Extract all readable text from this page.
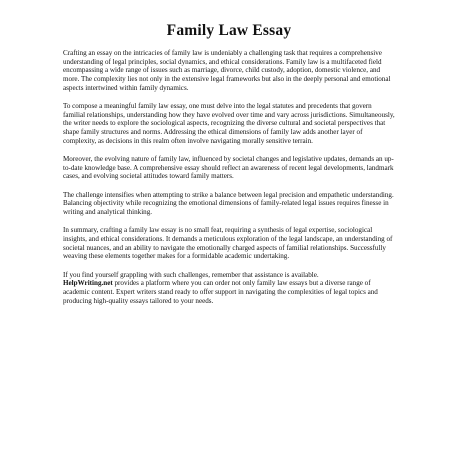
Family Law Essay

Crafting an essay on the intricacies of family law is undeniably a challenging task that requires a comprehensive understanding of legal principles, social dynamics, and ethical considerations. Family law is a multifaceted field encompassing a wide range of issues such as marriage, divorce, child custody, adoption, domestic violence, and more. The complexity lies not only in the extensive legal frameworks but also in the deeply personal and emotional aspects intertwined within family dynamics.

To compose a meaningful family law essay, one must delve into the legal statutes and precedents that govern familial relationships, understanding how they have evolved over time and vary across jurisdictions. Simultaneously, the writer needs to explore the sociological aspects, recognizing the diverse cultural and societal perspectives that shape family structures and norms. Addressing the ethical dimensions of family law adds another layer of complexity, as decisions in this realm often involve navigating morally sensitive terrain.

Moreover, the evolving nature of family law, influenced by societal changes and legislative updates, demands an up-to-date knowledge base. A comprehensive essay should reflect an awareness of recent legal developments, landmark cases, and evolving societal attitudes toward family matters.

The challenge intensifies when attempting to strike a balance between legal precision and empathetic understanding. Balancing objectivity while recognizing the emotional dimensions of family-related legal issues requires finesse in writing and analytical thinking.

In summary, crafting a family law essay is no small feat, requiring a synthesis of legal expertise, sociological insights, and ethical considerations. It demands a meticulous exploration of the legal landscape, an understanding of societal nuances, and an ability to navigate the emotionally charged aspects of familial relationships. Successfully weaving these elements together makes for a formidable academic undertaking.

If you find yourself grappling with such challenges, remember that assistance is available.
HelpWriting.net provides a platform where you can order not only family law essays but a diverse range of academic content. Expert writers stand ready to offer support in navigating the complexities of legal topics and producing high-quality essays tailored to your needs.
